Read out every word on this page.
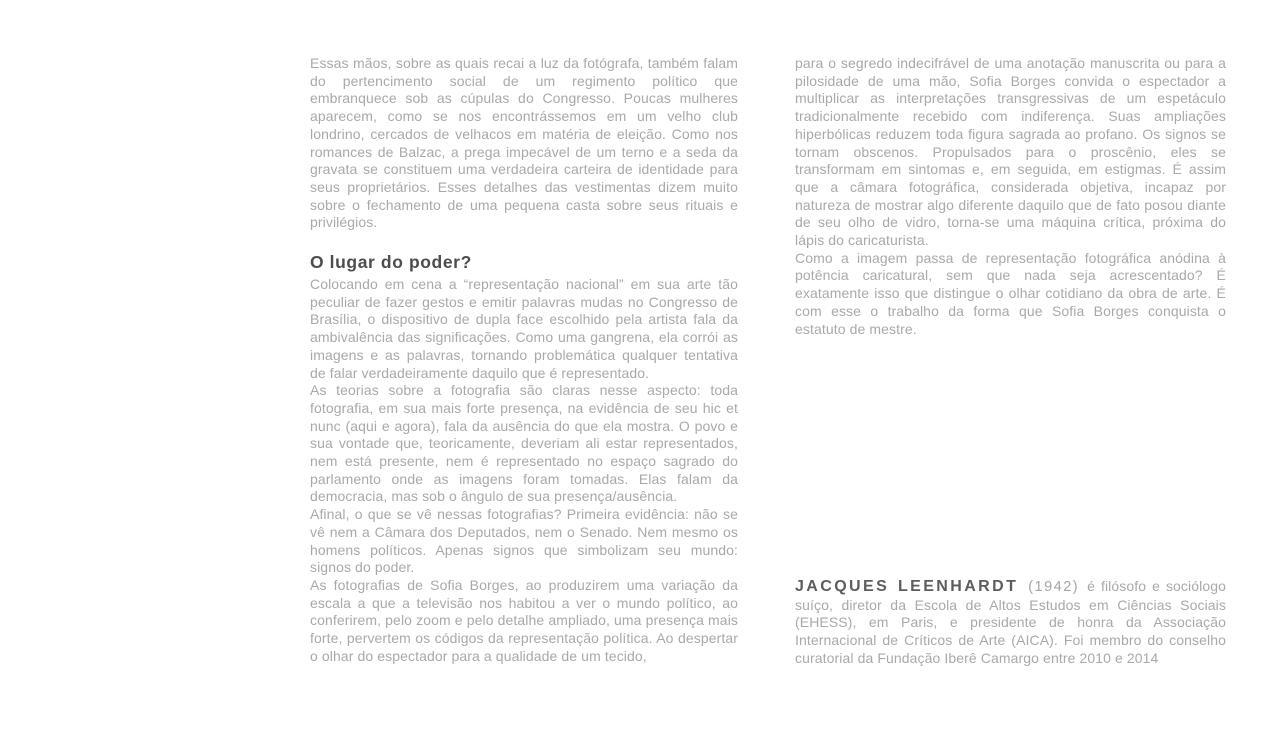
Essas mãos, sobre as quais recai a luz da fotógrafa, também falam do pertencimento social de um regimento político que embranquece sob as cúpulas do Congresso. Poucas mulheres aparecem, como se nos encontrássemos em um velho club londrino, cercados de velhacos em matéria de eleição. Como nos romances de Balzac, a prega impecável de um terno e a seda da gravata se constituem uma verdadeira carteira de identidade para seus proprietários. Esses detalhes das vestimentas dizem muito sobre o fechamento de uma pequena casta sobre seus rituais e privilégios.

O lugar do poder?

Colocando em cena a “representação nacional” em sua arte tão peculiar de fazer gestos e emitir palavras mudas no Congresso de Brasília, o dispositivo de dupla face escolhido pela artista fala da ambivalência das significações. Como uma gangrena, ela corrói as imagens e as palavras, tornando problemática qualquer tentativa de falar verdadeiramente daquilo que é representado.

As teorias sobre a fotografia são claras nesse aspecto: toda fotografia, em sua mais forte presença, na evidência de seu hic et nunc (aqui e agora), fala da ausência do que ela mostra. O povo e sua vontade que, teoricamente, deveriam ali estar representados, nem está presente, nem é representado no espaço sagrado do parlamento onde as imagens foram tomadas. Elas falam da democracia, mas sob o ângulo de sua presença/ausência.

Afinal, o que se vê nessas fotografias? Primeira evidência: não se vê nem a Câmara dos Deputados, nem o Senado. Nem mesmo os homens políticos. Apenas signos que simbolizam seu mundo: signos do poder.

As fotografias de Sofia Borges, ao produzirem uma variação da escala a que a televisão nos habitou a ver o mundo político, ao conferirem, pelo zoom e pelo detalhe ampliado, uma presença mais forte, pervertem os códigos da representação política. Ao despertar o olhar do espectador para a qualidade de um tecido,

para o segredo indecifrável de uma anotação manuscrita ou para a pilosidade de uma mão, Sofia Borges convida o espectador a multiplicar as interpretações transgressivas de um espetáculo tradicionalmente recebido com indiferença. Suas ampliações hiperbólicas reduzem toda figura sagrada ao profano. Os signos se tornam obscenos. Propulsados para o proscênio, eles se transformam em sintomas e, em seguida, em estigmas. É assim que a câmara fotográfica, considerada objetiva, incapaz por natureza de mostrar algo diferente daquilo que de fato posou diante de seu olho de vidro, torna-se uma máquina crítica, próxima do lápis do caricaturista.

Como a imagem passa de representação fotográfica anódina à potência caricatural, sem que nada seja acrescentado? É exatamente isso que distingue o olhar cotidiano da obra de arte. É com esse o trabalho da forma que Sofia Borges conquista o estatuto de mestre.

JACQUES LEENHARDT (1942) é filósofo e sociólogo suíço, diretor da Escola de Altos Estudos em Ciências Sociais (EHESS), em Paris, e presidente de honra da Associação Internacional de Críticos de Arte (AICA). Foi membro do conselho curatorial da Fundação Iberê Camargo entre 2010 e 2014
